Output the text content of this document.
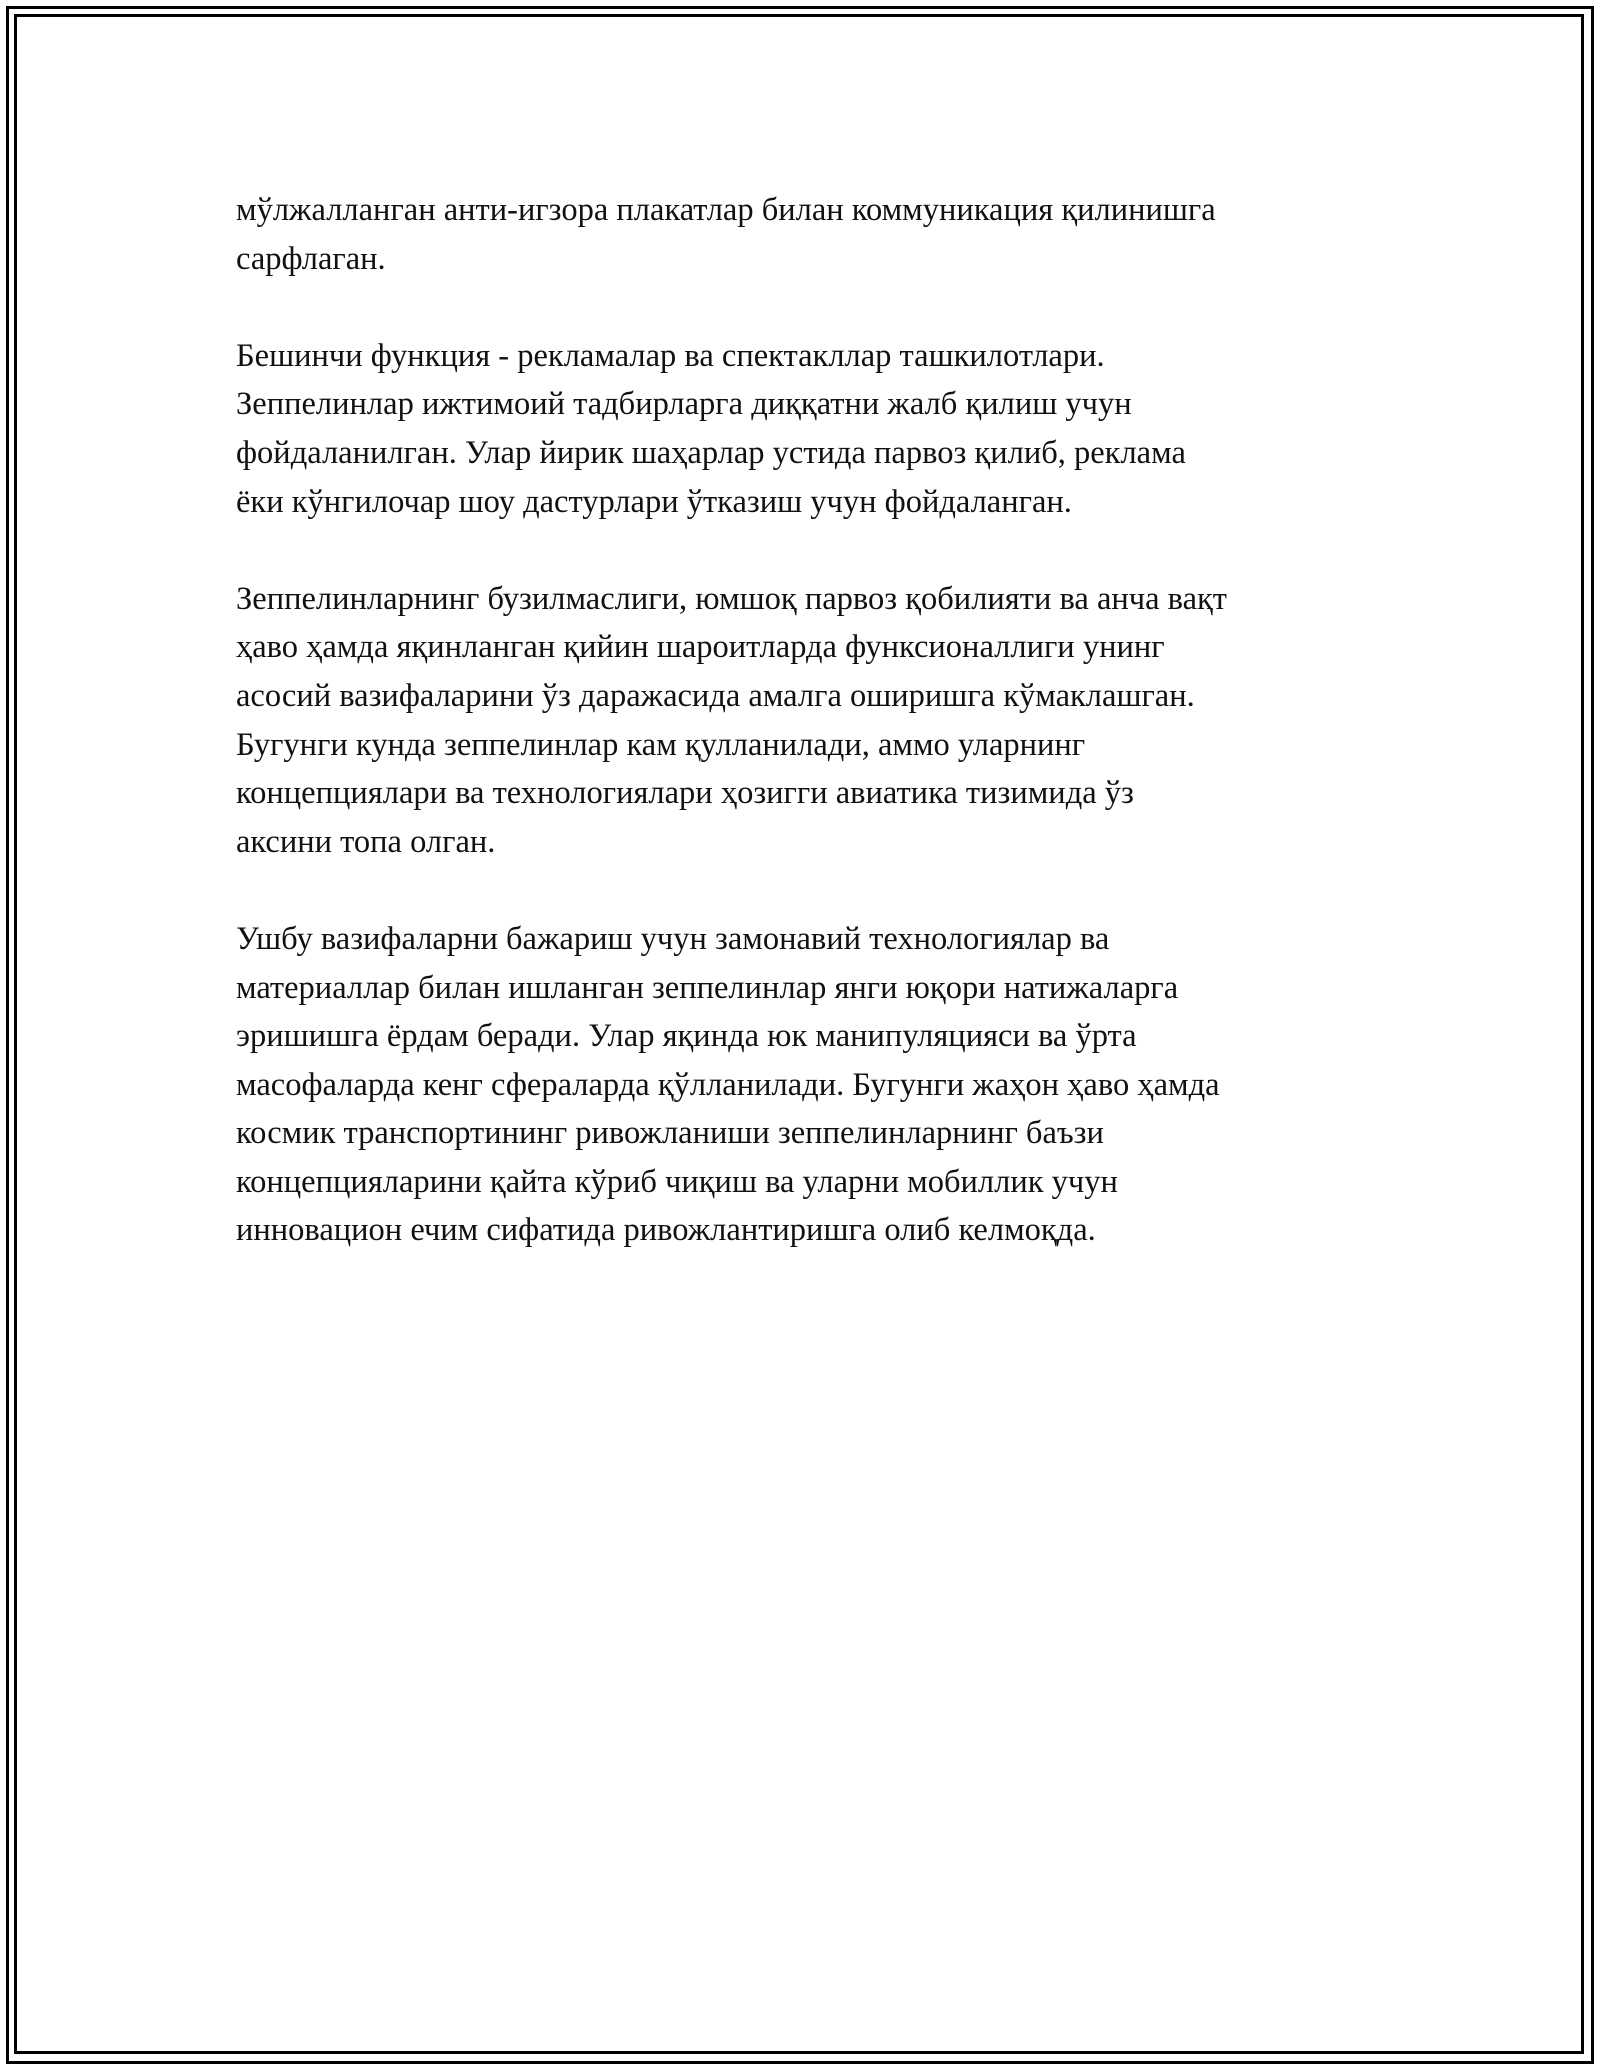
мўлжалланган анти-игзора плакатлар билан коммуникация қилинишга
сарфлаган.

Бешинчи функция - рекламалар ва спектакллар ташкилотлари.
Зеппелинлар ижтимоий тадбирларга диққатни жалб қилиш учун
фойдаланилган. Улар йирик шаҳарлар устида парвоз қилиб, реклама
ёки кўнгилочар шоу дастурлари ўтказиш учун фойдаланган.

Зеппелинларнинг бузилмаслиги, юмшоқ парвоз қобилияти ва анча вақт
ҳаво ҳамда яқинланган қийин шароитларда функсионаллиги унинг
асосий вазифаларини ўз даражасида амалга оширишга кўмаклашган.
Бугунги кунда зеппелинлар кам қулланилади, аммо уларнинг
концепциялари ва технологиялари ҳозигги авиатика тизимида ўз
аксини топа олган.

Ушбу вазифаларни бажариш учун замонавий технологиялар ва
материаллар билан ишланган зеппелинлар янги юқори натижаларга
эришишга ёрдам беради. Улар яқинда юк манипуляцияси ва ўрта
масофаларда кенг сфераларда қўлланилади. Бугунги жаҳон ҳаво ҳамда
космик транспортининг ривожланиши зеппелинларнинг баъзи
концепцияларини қайта кўриб чиқиш ва уларни мобиллик учун
инновацион ечим сифатида ривожлантиришга олиб келмоқда.
